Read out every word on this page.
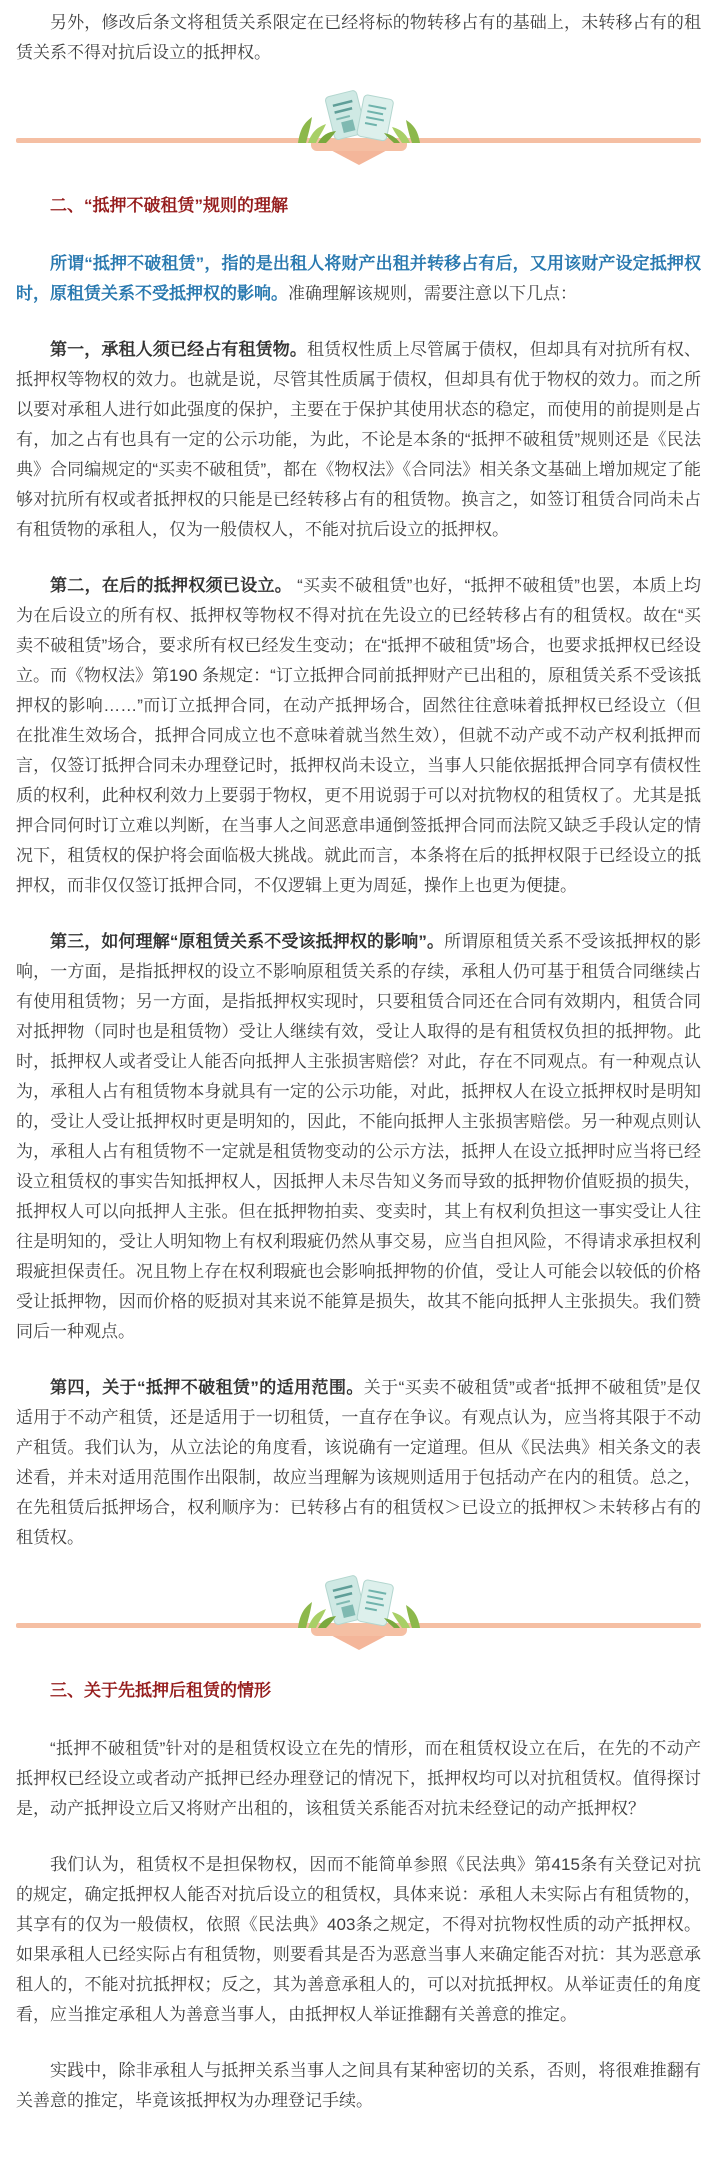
另外，修改后条文将租赁关系限定在已经将标的物转移占有的基础上，未转移占有的租赁关系不得对抗后设立的抵押权。

二、“抵押不破租赁”规则的理解

所谓“抵押不破租赁”，指的是出租人将财产出租并转移占有后，又用该财产设定抵押权时，原租赁关系不受抵押权的影响。准确理解该规则，需要注意以下几点：

第一，承租人须已经占有租赁物。租赁权性质上尽管属于债权，但却具有对抗所有权、抵押权等物权的效力。也就是说，尽管其性质属于债权，但却具有优于物权的效力。而之所以要对承租人进行如此强度的保护，主要在于保护其使用状态的稳定，而使用的前提则是占有，加之占有也具有一定的公示功能，为此，不论是本条的“抵押不破租赁”规则还是《民法典》合同编规定的“买卖不破租赁”，都在《物权法》《合同法》相关条文基础上增加规定了能够对抗所有权或者抵押权的只能是已经转移占有的租赁物。换言之，如签订租赁合同尚未占有租赁物的承租人，仅为一般债权人，不能对抗后设立的抵押权。

第二，在后的抵押权须已设立。 “买卖不破租赁”也好，“抵押不破租赁”也罢，本质上均为在后设立的所有权、抵押权等物权不得对抗在先设立的已经转移占有的租赁权。故在“买卖不破租赁”场合，要求所有权已经发生变动；在“抵押不破租赁”场合，也要求抵押权已经设立。而《物权法》第190 条规定：“订立抵押合同前抵押财产已出租的，原租赁关系不受该抵押权的影响……”而订立抵押合同，在动产抵押场合，固然往往意味着抵押权已经设立（但在批准生效场合，抵押合同成立也不意味着就当然生效），但就不动产或不动产权利抵押而言，仅签订抵押合同未办理登记时，抵押权尚未设立，当事人只能依据抵押合同享有债权性质的权利，此种权利效力上要弱于物权，更不用说弱于可以对抗物权的租赁权了。尤其是抵押合同何时订立难以判断，在当事人之间恶意串通倒签抵押合同而法院又缺乏手段认定的情况下，租赁权的保护将会面临极大挑战。就此而言，本条将在后的抵押权限于已经设立的抵押权，而非仅仅签订抵押合同，不仅逻辑上更为周延，操作上也更为便捷。

第三，如何理解“原租赁关系不受该抵押权的影响”。所谓原租赁关系不受该抵押权的影响，一方面，是指抵押权的设立不影响原租赁关系的存续，承租人仍可基于租赁合同继续占有使用租赁物；另一方面，是指抵押权实现时，只要租赁合同还在合同有效期内，租赁合同对抵押物（同时也是租赁物）受让人继续有效，受让人取得的是有租赁权负担的抵押物。此时，抵押权人或者受让人能否向抵押人主张损害赔偿？对此，存在不同观点。有一种观点认为，承租人占有租赁物本身就具有一定的公示功能，对此，抵押权人在设立抵押权时是明知的，受让人受让抵押权时更是明知的，因此，不能向抵押人主张损害赔偿。另一种观点则认为，承租人占有租赁物不一定就是租赁物变动的公示方法，抵押人在设立抵押时应当将已经设立租赁权的事实告知抵押权人，因抵押人未尽告知义务而导致的抵押物价值贬损的损失，抵押权人可以向抵押人主张。但在抵押物拍卖、变卖时，其上有权利负担这一事实受让人往往是明知的，受让人明知物上有权利瑕疵仍然从事交易，应当自担风险，不得请求承担权利瑕疵担保责任。况且物上存在权利瑕疵也会影响抵押物的价值，受让人可能会以较低的价格受让抵押物，因而价格的贬损对其来说不能算是损失，故其不能向抵押人主张损失。我们赞同后一种观点。

第四，关于“抵押不破租赁”的适用范围。关于“买卖不破租赁”或者“抵押不破租赁”是仅适用于不动产租赁，还是适用于一切租赁，一直存在争议。有观点认为，应当将其限于不动产租赁。我们认为，从立法论的角度看，该说确有一定道理。但从《民法典》相关条文的表述看，并未对适用范围作出限制，故应当理解为该规则适用于包括动产在内的租赁。总之，在先租赁后抵押场合，权利顺序为：已转移占有的租赁权＞已设立的抵押权＞未转移占有的租赁权。

三、关于先抵押后租赁的情形

“抵押不破租赁”针对的是租赁权设立在先的情形，而在租赁权设立在后，在先的不动产抵押权已经设立或者动产抵押已经办理登记的情况下，抵押权均可以对抗租赁权。值得探讨是，动产抵押设立后又将财产出租的，该租赁关系能否对抗未经登记的动产抵押权？

我们认为，租赁权不是担保物权，因而不能简单参照《民法典》第415条有关登记对抗的规定，确定抵押权人能否对抗后设立的租赁权，具体来说：承租人未实际占有租赁物的，其享有的仅为一般债权，依照《民法典》403条之规定，不得对抗物权性质的动产抵押权。如果承租人已经实际占有租赁物，则要看其是否为恶意当事人来确定能否对抗：其为恶意承租人的，不能对抗抵押权；反之，其为善意承租人的，可以对抗抵押权。从举证责任的角度看，应当推定承租人为善意当事人，由抵押权人举证推翻有关善意的推定。

实践中，除非承租人与抵押关系当事人之间具有某种密切的关系，否则，将很难推翻有关善意的推定，毕竟该抵押权为办理登记手续。
